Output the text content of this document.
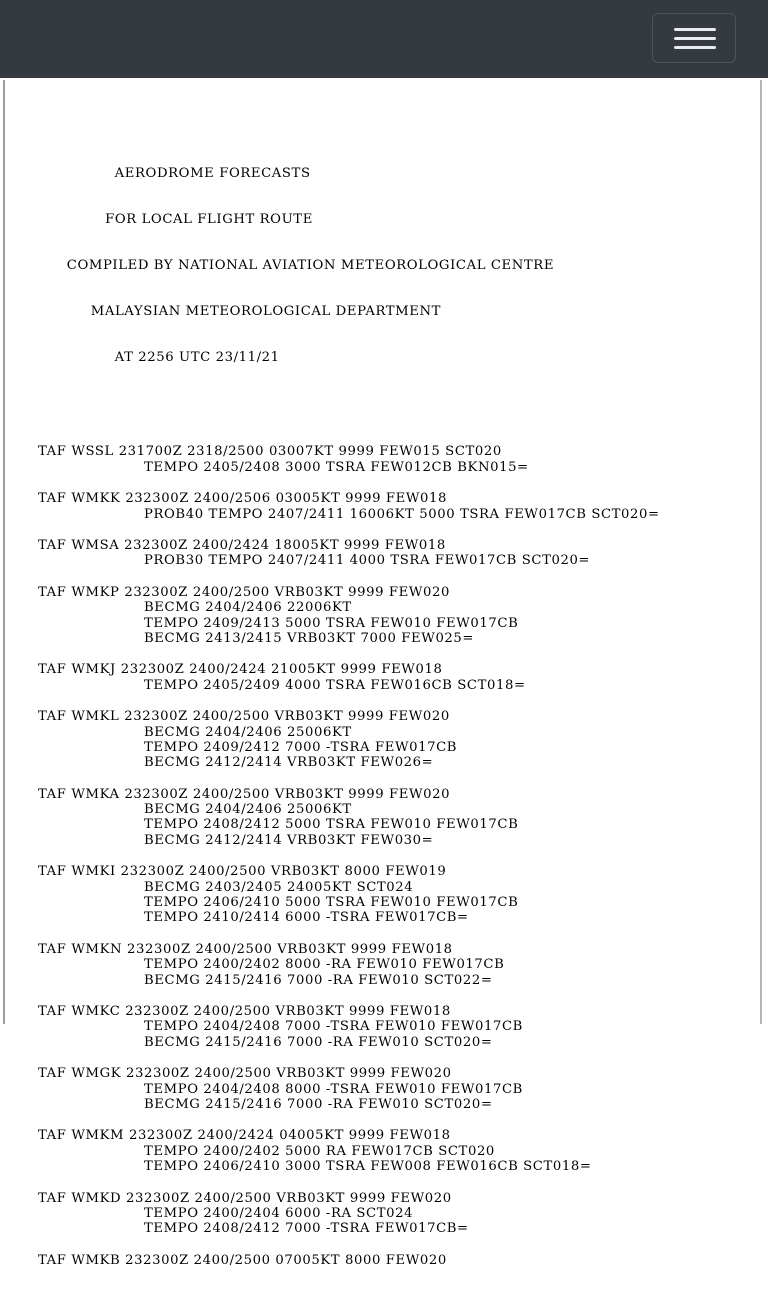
AERODROME FORECASTS

FOR LOCAL FLIGHT ROUTE

COMPILED BY NATIONAL AVIATION METEOROLOGICAL CENTRE

MALAYSIAN METEOROLOGICAL DEPARTMENT

AT 2256 UTC 23/11/21

TAF WSSL 231700Z 2318/2500 03007KT 9999 FEW015 SCT020
TEMPO 2405/2408 3000 TSRA FEW012CB BKN015=
TAF WMKK 232300Z 2400/2506 03005KT 9999 FEW018
PROB40 TEMPO 2407/2411 16006KT 5000 TSRA FEW017CB SCT020=
TAF WMSA 232300Z 2400/2424 18005KT 9999 FEW018
PROB30 TEMPO 2407/2411 4000 TSRA FEW017CB SCT020=
TAF WMKP 232300Z 2400/2500 VRB03KT 9999 FEW020
BECMG 2404/2406 22006KT
TEMPO 2409/2413 5000 TSRA FEW010 FEW017CB
BECMG 2413/2415 VRB03KT 7000 FEW025=
TAF WMKJ 232300Z 2400/2424 21005KT 9999 FEW018
TEMPO 2405/2409 4000 TSRA FEW016CB SCT018=
TAF WMKL 232300Z 2400/2500 VRB03KT 9999 FEW020
BECMG 2404/2406 25006KT
TEMPO 2409/2412 7000 -TSRA FEW017CB
BECMG 2412/2414 VRB03KT FEW026=
TAF WMKA 232300Z 2400/2500 VRB03KT 9999 FEW020
BECMG 2404/2406 25006KT
TEMPO 2408/2412 5000 TSRA FEW010 FEW017CB
BECMG 2412/2414 VRB03KT FEW030=
TAF WMKI 232300Z 2400/2500 VRB03KT 8000 FEW019
BECMG 2403/2405 24005KT SCT024
TEMPO 2406/2410 5000 TSRA FEW010 FEW017CB
TEMPO 2410/2414 6000 -TSRA FEW017CB=
TAF WMKN 232300Z 2400/2500 VRB03KT 9999 FEW018
TEMPO 2400/2402 8000 -RA FEW010 FEW017CB
BECMG 2415/2416 7000 -RA FEW010 SCT022=
TAF WMKC 232300Z 2400/2500 VRB03KT 9999 FEW018
TEMPO 2404/2408 7000 -TSRA FEW010 FEW017CB
BECMG 2415/2416 7000 -RA FEW010 SCT020=
TAF WMGK 232300Z 2400/2500 VRB03KT 9999 FEW020
TEMPO 2404/2408 8000 -TSRA FEW010 FEW017CB
BECMG 2415/2416 7000 -RA FEW010 SCT020=
TAF WMKM 232300Z 2400/2424 04005KT 9999 FEW018
TEMPO 2400/2402 5000 RA FEW017CB SCT020
TEMPO 2406/2410 3000 TSRA FEW008 FEW016CB SCT018=
TAF WMKD 232300Z 2400/2500 VRB03KT 9999 FEW020
TEMPO 2400/2404 6000 -RA SCT024
TEMPO 2408/2412 7000 -TSRA FEW017CB=
TAF WMKB 232300Z 2400/2500 07005KT 8000 FEW020
